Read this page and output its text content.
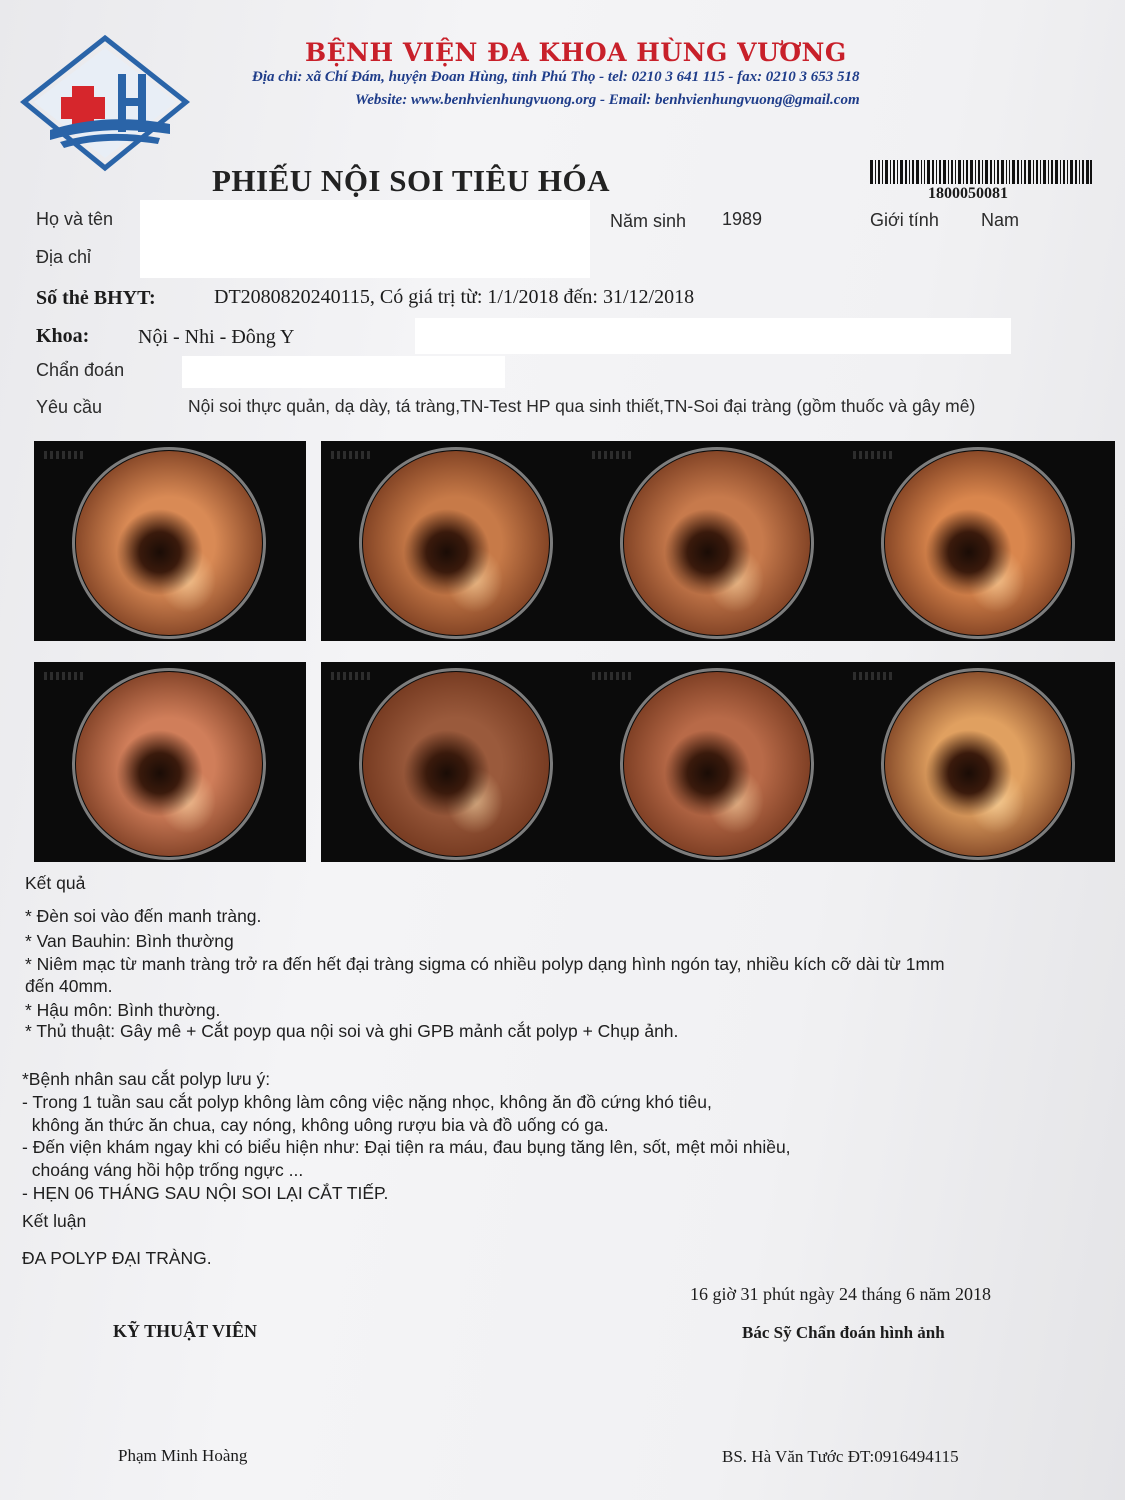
BỆNH VIỆN ĐA KHOA HÙNG VƯƠNG
Địa chỉ: xã Chí Đám, huyện Đoan Hùng, tỉnh Phú Thọ - tel: 0210 3 641 115 - fax: 0210 3 653 518
Website: www.benhvienhungvuong.org - Email: benhvienhungvuong@gmail.com
PHIẾU NỘI SOI TIÊU HÓA	1800050081
Họ và tên	Năm sinh 1989	Giới tính Nam
Địa chỉ
Số thẻ BHYT:	DT2080820240115, Có giá trị từ: 1/1/2018 đến: 31/12/2018
Khoa: Nội - Nhi - Đông Y
Chẩn đoán
Yêu cầu	Nội soi thực quản, dạ dày, tá tràng,TN-Test HP qua sinh thiết,TN-Soi đại tràng (gồm thuốc và gây mê)
Kết quả
* Đèn soi vào đến manh tràng.
* Van Bauhin: Bình thường
* Niêm mạc từ manh tràng trở ra đến hết đại tràng sigma có nhiều polyp dạng hình ngón tay, nhiều kích cỡ dài từ 1mm
đến 40mm.
* Hậu môn: Bình thường.
* Thủ thuật: Gây mê + Cắt poyp qua nội soi và ghi GPB mảnh cắt polyp + Chụp ảnh.
*Bệnh nhân sau cắt polyp lưu ý:
- Trong 1 tuần sau cắt polyp không làm công việc nặng nhọc, không ăn đồ cứng khó tiêu,
không ăn thức ăn chua, cay nóng, không uông rượu bia và đồ uống có ga.
- Đến viện khám ngay khi có biểu hiện như: Đại tiện ra máu, đau bụng tăng lên, sốt, mệt mỏi nhiều,
choáng váng hồi hộp trống ngực ...
- HẸN 06 THÁNG SAU NỘI SOI LẠI CẮT TIẾP.
Kết luận
ĐA POLYP ĐẠI TRÀNG.
16 giờ 31 phút ngày 24 tháng 6 năm 2018
KỸ THUẬT VIÊN	Bác Sỹ Chẩn đoán hình ảnh
Phạm Minh Hoàng	BS. Hà Văn Tước ĐT:0916494115
